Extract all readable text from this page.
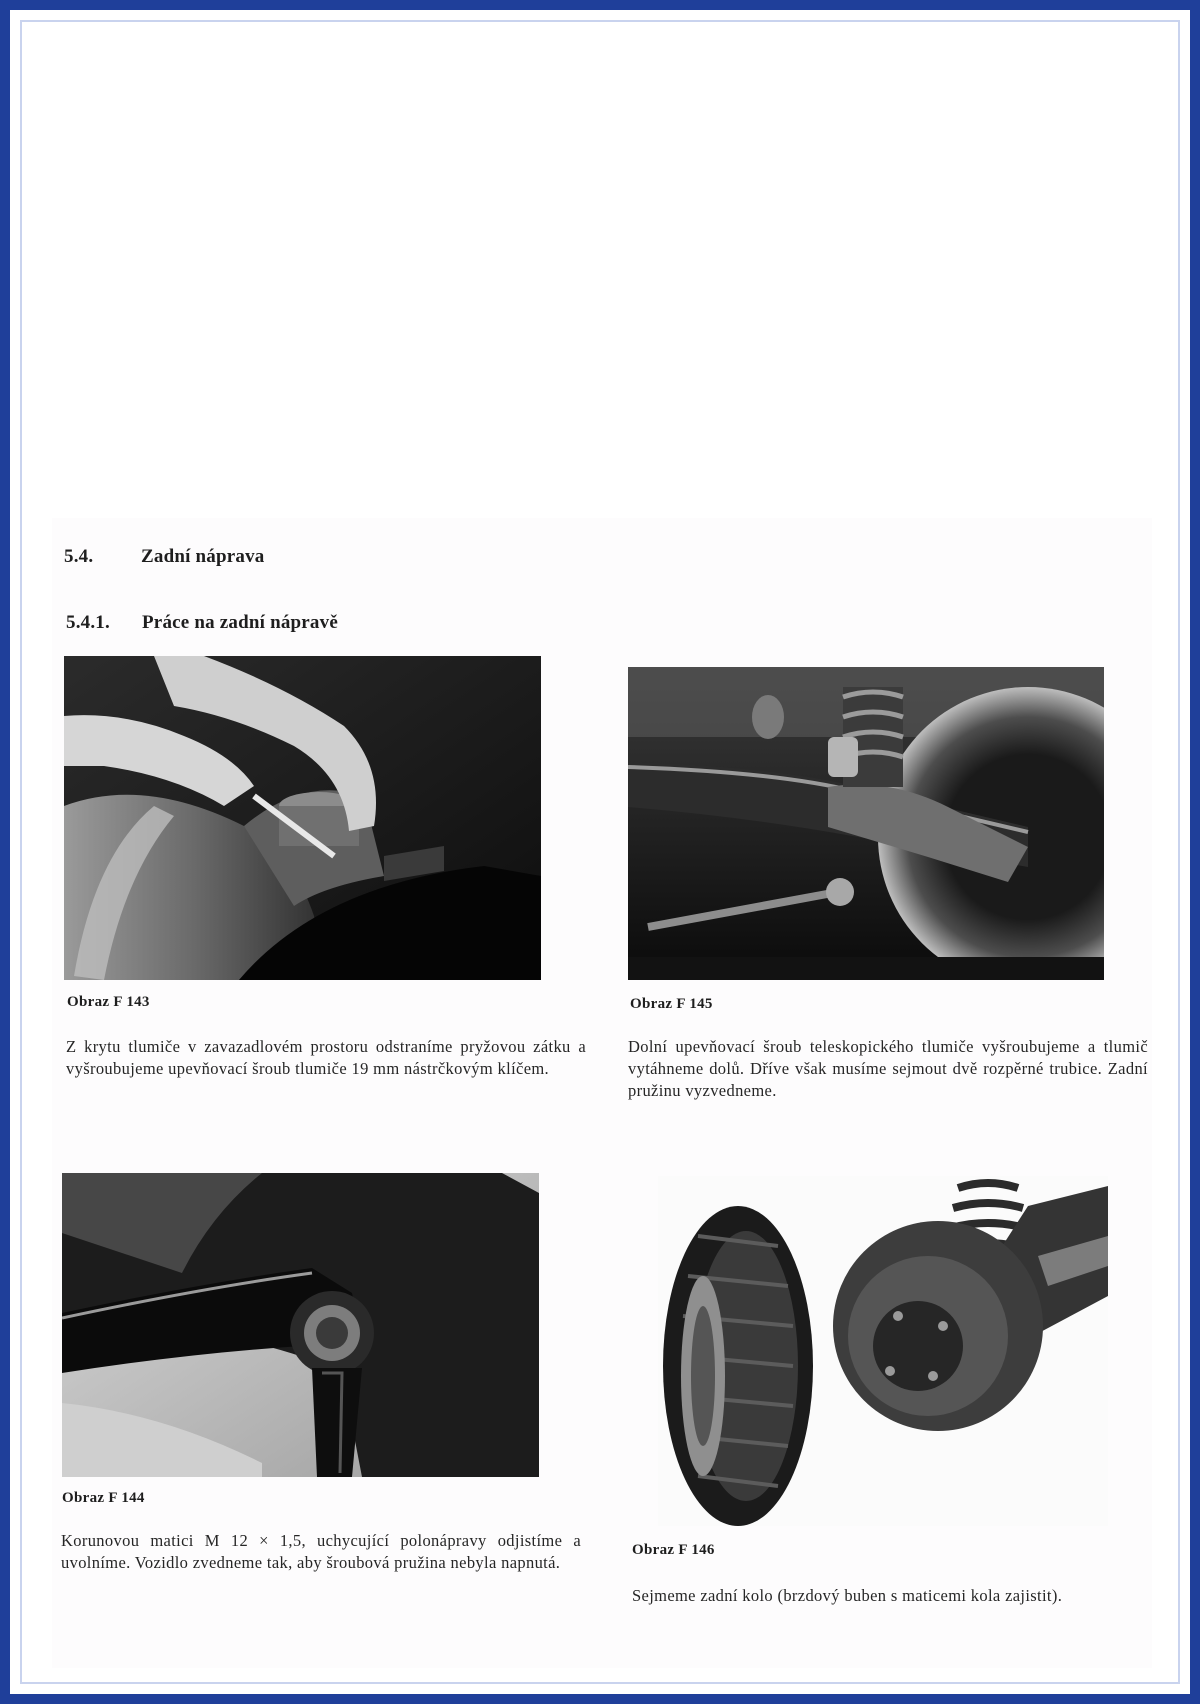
5.4.	Zadní náprava
5.4.1. Práce na zadní nápravě
Obraz F 143
Z krytu tlumiče v zavazadlovém prostoru odstraníme pryžovou zátku a vyšroubujeme upevňovací šroub tlumiče 19 mm nástrčkovým klíčem.
Obraz F 145
Dolní upevňovací šroub teleskopického tlumiče vyšroubujeme a tlumič vytáhneme dolů. Dříve však musíme sejmout dvě rozpěrné trubice. Zadní pružinu vyzvedneme.
Obraz F 144
Korunovou matici M 12 × 1,5, uchycující polonápravy odjistíme a uvolníme. Vozidlo zvedneme tak, aby šroubová pružina nebyla napnutá.
Obraz F 146
Sejmeme zadní kolo (brzdový buben s maticemi kola zajistit).
